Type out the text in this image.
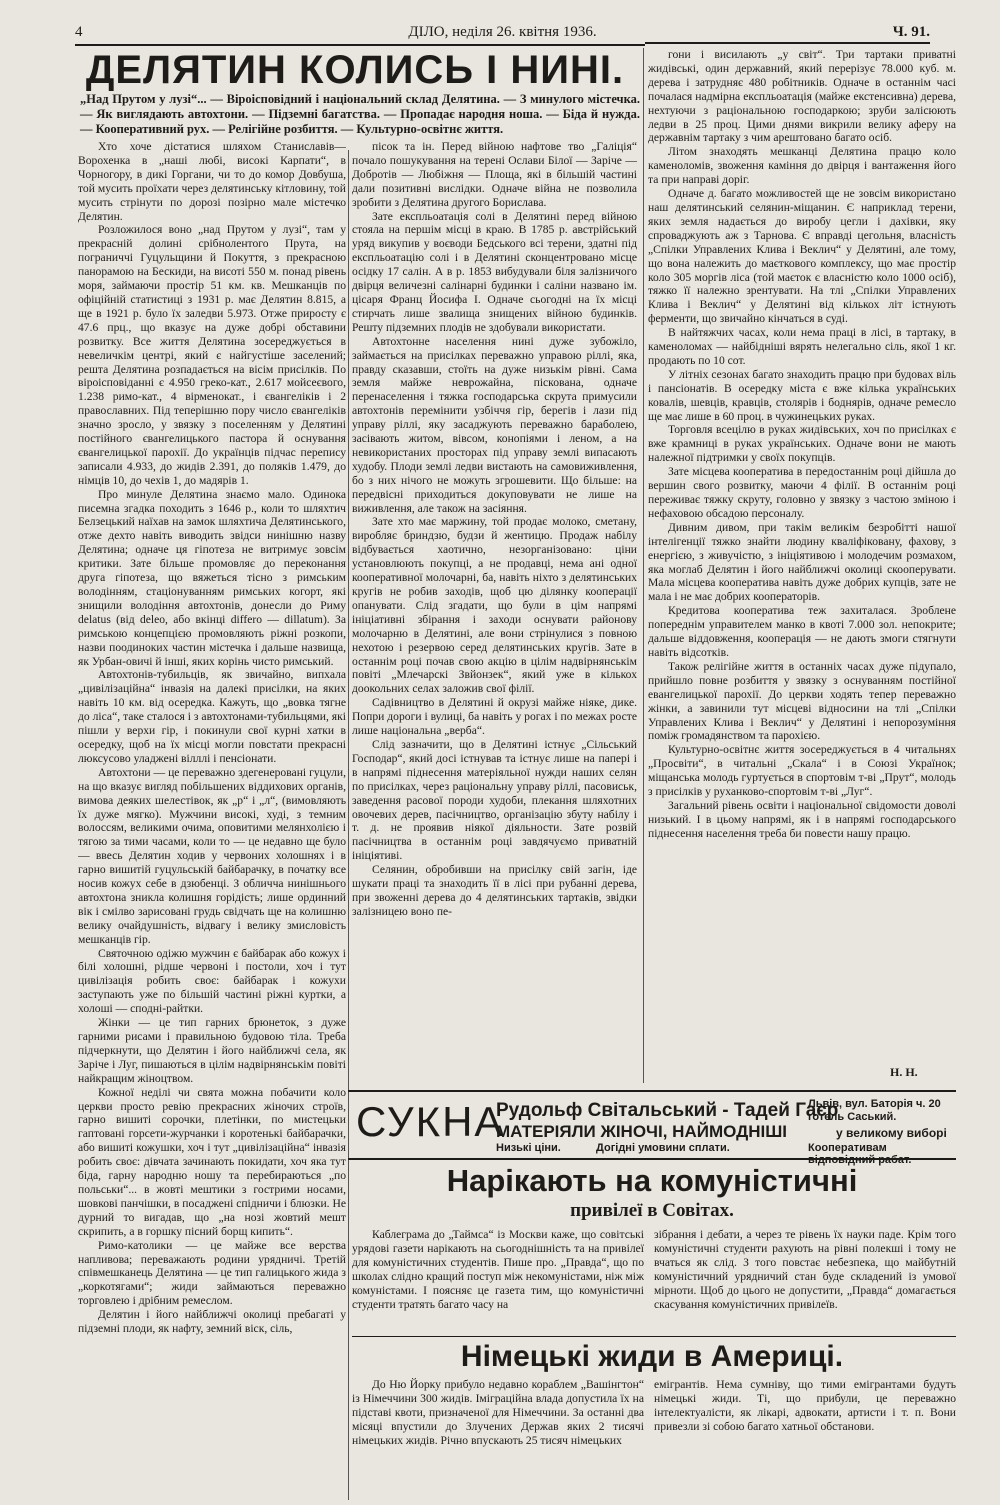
4	ДІЛО, неділя 26. квітня 1936.	Ч. 91.
ДЕЛЯТИН КОЛИСЬ І НИНІ.
„Над Прутом у лузі“... — Віроісповідний і національний склад Делятина. — З минулого містечка. — Як виглядають автохтони. — Підземні багатства. — Пропадає народня ноша. — Біда й нужда. — Кооперативний рух. — Релігійне розбиття. — Культурно-освітнє життя.

Хто хоче дістатися шляхом Станиславів—Ворохенка в „наші любі, високі Карпати“, в Чорногору, в дикі Горгани, чи то до комор Довбуша, той мусить проїхати через делятинську кітловину, той мусить стрінути по дорозі позірно мале містечко Делятин.

Розложилося воно „над Прутом у лузі“, там у прекрасній долині срібнолентого Прута, на пограниччі Гуцульщини й Покуття, з прекрасною панорамою на Бескиди, на висоті 550 м. понад рівень моря, займаючи простір 51 км. кв. Мешканців по офіційній статистиці з 1931 р. має Делятин 8.815, а ще в 1921 р. було їх заледви 5.973. Отже приросту є 47.6 прц., що вказує на дуже добрі обставини розвитку. Все життя Делятина зосереджується в невеличкім центрі, який є найгустіше заселений; решта Делятина розпадається на вісім присілків. По віроісповіданні є 4.950 греко-кат., 2.617 мойсеєвого, 1.238 римо-кат., 4 вірменокат., і євангеліків і 2 православних. Під теперішню пору число євангеліків значно зросло, у звязку з поселенням у Делятині постійного євангелицького пастора й оснування євангелицької парохії. До українців підчас перепису записали 4.933, до жидів 2.391, до поляків 1.479, до німців 10, до чехів 1, до мадярів 1.

Про минуле Делятина знаємо мало. Одинока писемна згадка походить з 1646 р., коли то шляхтич Белзецький наїхав на замок шляхтича Делятинського, отже дехто навіть виводить звідси нинішню назву Делятина; одначе ця гіпотеза не витримує зовсім критики. Зате більше промовляє до переконання друга гіпотеза, що вяжеться тісно з римським володінням, стаціонуванням римських когорт, які знищили володіння автохтонів, донесли до Риму delatus (від deleo, або вкінці differo — dillatum). За римською концепцією промовляють ріжні розкопи, назви поодиноких частин містечка і дальше назвища, як Урбан-овичі й інші, яких корінь чисто римський.

Автохтонів-тубильців, як звичайно, випхала „цивілізаційна“ інвазія на далекі присілки, на яких навіть 10 км. від осередка. Кажуть, що „вовка тягне до ліса“, таке сталося і з автохтонами-тубильцями, які пішли у верхи гір, і покинули свої курні хатки в осередку, щоб на їх місці могли повстати прекрасні люксусово уладжені вілллі і пенсіонати.

Автохтони — це переважно здегенеровані гуцули, на що вказує вигляд побільшених віддихових органів, вимова деяких шелестівок, як „р“ і „л“, (вимовляють їх дуже мягко). Мужчини високі, худі, з темним волоссям, великими очима, оповитими мелянхолією і тягою за тими часами, коли то — це недавно ще було — ввесь Делятин ходив у червоних холошнях і в гарно вишитій гуцульській байбарачку, в початку все носив кожух себе в дзюбенці. З обличча нинішнього автохтона зникла колишня горідість; лише ординний вік і смілво зарисовані грудь свідчать ще на колишню велику очайдушність, відвагу і велику змисловість мешканців гір.

Святочною одіжю мужчин є байбарак або кожух і білі холошні, рідше червоні і постоли, хоч і тут цивілізація робить своє: байбарак і кожухи заступають уже по більшій частині ріжні куртки, а холоші — сподні-райтки.

Жінки — це тип гарних брюнеток, з дуже гарними рисами і правильною будовою тіла. Треба підчеркнути, що Делятин і його найближчі села, як Заріче і Луг, пишаються в цілім надвірнянськім повіті найкращим жіноцтвом.

Кожної неділі чи свята можна побачити коло церкви просто ревію прекрасних жіночих строїв, гарно вишиті сорочки, плетінки, по мистецьки гаптовані горсети-журчанки і коротенькі байбарачки, або вишиті кожушки, хоч і тут „цивілізаційна“ інвазія робить своє: дівчата зачинають покидати, хоч яка тут біда, гарну народню ношу та перебираються „по польськи“... в жовті мештики з гострими носами, шовкові панчішки, в посаджені спідничи і блюзки. Не дурний то вигадав, що „на нозі жовтий мешт скрипить, а в горшку пісний борщ кипить“.

Римо-католики — це майже все верства напливова; переважають родини урядничі. Третій співмешканець Делятина — це тип галицького жида з „коркотягами“; жиди займаються переважно торговлею і дрібним ремеслом.

Делятин і його найближчі околиці пребагаті у підземні плоди, як нафту, земний віск, сіль,

пісок та ін. Перед війною нафтове тво „Галіція“ почало пошукування на терені Ослави Білої — Заріче — Добротів — Любіжня — Площа, які в більшій частині дали позитивні вислідки. Одначе війна не позволила зробити з Делятина другого Борислава.

Зате експльоатація солі в Делятині перед війною стояла на першім місці в краю. В 1785 р. австрійський уряд викупив у воєводи Бедського всі терени, здатні під експльоатацію солі і в Делятині сконцентровано місце осідку 17 салін. А в р. 1853 вибудували біля залізничого двірця величезні салінарні будинки і саліни названо ім. цісаря Франц Йосифа І. Одначе сьогодні на їх місці стирчать лише звалища знищених війною будинків. Решту підземних плодів не здобували використати.

Автохтонне населення нині дуже зубожіло, займається на присілках переважно управою ріллі, яка, правду сказавши, стоїть на дуже низькім рівні. Сама земля майже неврожайна, піскована, одначе перенаселення і тяжка господарська скрута примусили автохтонів перемінити узбіччя гір, берегів і лази під управу ріллі, яку засаджують переважно бараболею, засівають житом, вівсом, конопіями і леном, а на невикористаних просторах під управу землі випасають худобу. Плоди землі ледви вистають на самовиживлення, бо з них нічого не можуть згрошевити. Що більше: на передвісні приходиться докуповувати не лише на виживлення, але також на засіяння.

Зате хто має маржину, той продає молоко, сметану, виробляє бриндзю, будзи й жентицю. Продаж набілу відбувається хаотично, незорганізовано: ціни установлюють покупці, а не продавці, нема ані одної кооперативної молочарні, ба, навіть ніхто з делятинських кругів не робив заходів, щоб цю ділянку кооперації опанувати. Слід згадати, що були в цім напрямі ініціативні збірання і заходи оснувати районову молочарню в Делятині, але вони стрінулися з повною нехотою і резервою серед делятинських кругів. Зате в останнім році почав свою акцію в цілім надвірнянськім повіті „Млечарскі Звйонзек“, який уже в кількох доокольних селах заложив свої філії.

Садівництво в Делятині й окрузі майже ніяке, дике. Попри дороги і вулиці, ба навіть у рогах і по межах росте лише національна „верба“.

Слід зазначити, що в Делятині істнує „Сільський Господар“, який досі істнував та істнує лише на папері і в напрямі піднесення матеріяльної нужди наших селян по присілках, через раціональну управу ріллі, пасовиськ, заведення расової породи худоби, плекання шляхотних овочевих дерев, пасічництво, організацію збуту набілу і т. д. не проявив ніякої діяльности. Зате розвій пасічництва в останнім році завдячуємо приватній ініціятиві.

Селянин, обробивши на присілку свій загін, іде шукати праці та знаходить її в лісі при рубанні дерева, при звоженні дерева до 4 делятинських тартаків, звідки залізницею воно пе-

гони і висилають „у світ“. Три тартаки приватні жидівські, один державний, який перерізує 78.000 куб. м. дерева і затрудняє 480 робітників. Одначе в останнім часі почалася надмірна експльоатація (майже екстенсивна) дерева, нехтуючи з раціональною господаркою; зруби залісюють ледви в 25 проц. Цими днями викрили велику аферу на державнім тартаку з чим арештовано багато осіб.

Літом знаходять мешканці Делятина працю коло каменоломів, звоження каміння до двірця і вантаження його та при направі доріг.

Одначе д. багато можливостей ще не зовсім використано наш делятинський селянин-міщанин. Є наприклад терени, яких земля надається до виробу цегли і дахівки, яку спроваджують аж з Тарнова. Є вправді цегольня, власність „Спілки Управлених Клива і Веклич“ у Делятині, але тому, що вона належить до маєткового комплексу, що має простір коло 305 моргів ліса (той маєток є власністю коло 1000 осіб), тяжко її належно зрентувати. На тлі „Спілки Управлених Клива і Веклич“ у Делятині від кількох літ істнують ферменти, що звичайно кінчаться в суді.

В найтяжчих часах, коли нема праці в лісі, в тартаку, в каменоломах — найбідніші вярять нелегально сіль, якої 1 кг. продають по 10 сот.

У літніх сезонах багато знаходить працю при будовах віль і пансіонатів. В осередку міста є вже кілька українських ковалів, шевців, кравців, столярів і боднярів, одначе ремесло ще має лише в 60 проц. в чужинецьких руках.

Торговля всецілю в руках жидівських, хоч по присілках є вже крамниці в руках українських. Одначе вони не мають належної підтримки у своїх покупців.

Зате місцева кооператива в передостаннім році дійшла до вершин свого розвитку, маючи 4 філії. В останнім році переживає тяжку скруту, головно у звязку з частою зміною і нефаховою обсадою персоналу.

Дивним дивом, при такім великім безробітті нашої інтелігенції тяжко знайти людину кваліфіковану, фахову, з енергією, з живучістю, з ініціятивою і молодечим розмахом, яка моглаб Делятин і його найближчі околиці скооперувати. Мала місцева кооператива навіть дуже добрих купців, зате не мала і не має добрих кооператорів.

Кредитова кооператива теж захиталася. Зроблене попереднім управителем манко в квоті 7.000 зол. непокрите; дальше віддовження, кооперація — не дають змоги стягнути навіть відсотків.

Також релігійне життя в останніх часах дуже підупало, прийшло повне розбиття у звязку з оснуванням постійної евангелицької парохії. До церкви ходять тепер переважно жінки, а завинили тут місцеві відносини на тлі „Спілки Управлених Клива і Веклич“ у Делятині і непорозуміння поміж громадянством та парохією.

Культурно-освітнє життя зосереджується в 4 читальнях „Просвіти“, в читальні „Скала“ і в Союзі Українок; міщанська молодь гуртується в спортовім т-ві „Прут“, молодь з присілків у руханково-спортовім т-ві „Луг“.

Загальний рівень освіти і національної свідомости доволі низький. І в цьому напрямі, як і в напрямі господарського піднесення населення треба би повести нашу працю.

Н. Н.
СУКНА
Рудольф Світальський - Тадей Гаєр
Львів, вул. Баторія ч. 20 готель Саський.
МАТЕРІЯЛИ ЖІНОЧІ, НАЙМОДНІШІ	у великому виборі
Низькі ціни.	Догідні умовини сплати.	Кооперативам відповідний рабат.
Нарікають на комуністичні
привілеї в Совітах.

Каблеграма до „Таймса“ із Москви каже, що совітські урядові газети нарікають на сьогоднішність та на привілеї для комуністичних студентів. Пише про. „Правда“, що по школах слідно кращий поступ між некомуністами, ніж між комуністами. І поясняє це газета тим, що комуністичні студенти тратять багато часу на

зібрання і дебати, а через те рівень їх науки паде. Крім того комуністичні студенти рахують на рівні полекші і тому не вчаться як слід. З того повстає небезпека, що майбутній комуністичний урядничий стан буде складений із умової мірноти. Щоб до цього не допустити, „Правда“ домагається скасування комуністичних привілеїв.

Німецькі жиди в Америці.

До Ню Йорку прибуло недавно кораблем „Вашінгтон“ із Німеччини 300 жидів. Іміграційна влада допустила їх на підставі квоти, призначеної для Німеччини. За останні два місяці впустили до Злучених Держав яких 2 тисячі німецьких жидів. Річно впускають 25 тисяч німецьких

емігрантів. Нема сумніву, що тими емігрантами будуть німецькі жиди. Ті, що прибули, це переважно інтелектуалісти, як лікарі, адвокати, артисти і т. п. Вони привезли зі собою багато хатньої обстанови.
